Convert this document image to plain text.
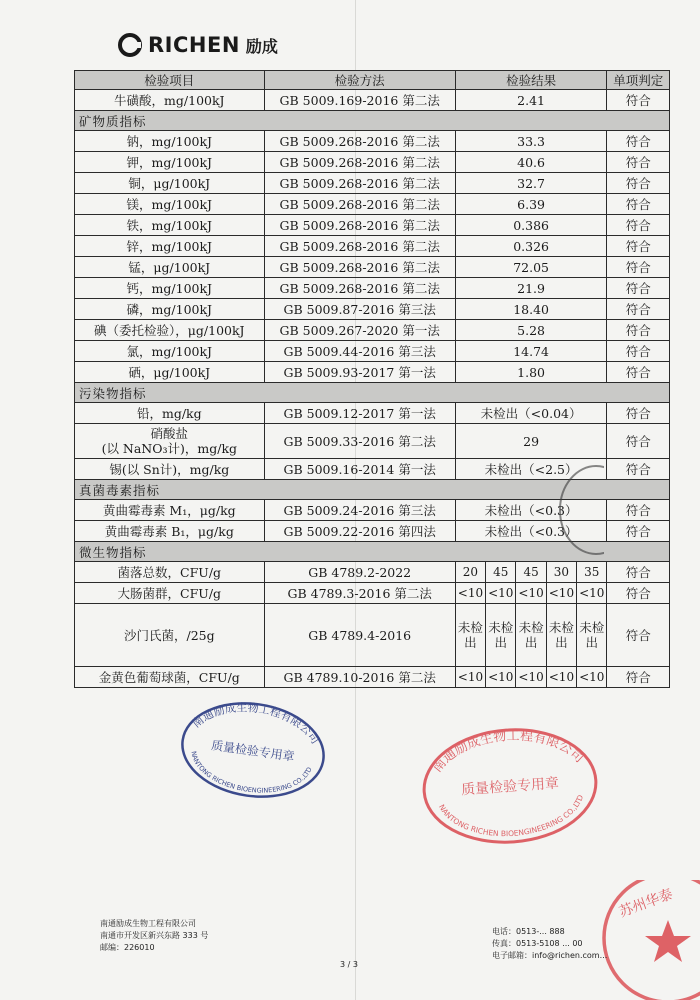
RICHEN 励成
检验项目	检验方法	检验结果					单项判定
牛磺酸，mg/100kJ	GB 5009.169-2016 第二法	2.41					符合
矿物质指标							
钠，mg/100kJ	GB 5009.268-2016 第二法	33.3					符合
钾，mg/100kJ	GB 5009.268-2016 第二法	40.6					符合
铜，μg/100kJ	GB 5009.268-2016 第二法	32.7					符合
镁，mg/100kJ	GB 5009.268-2016 第二法	6.39					符合
铁，mg/100kJ	GB 5009.268-2016 第二法	0.386					符合
锌，mg/100kJ	GB 5009.268-2016 第二法	0.326					符合
锰，μg/100kJ	GB 5009.268-2016 第二法	72.05					符合
钙，mg/100kJ	GB 5009.268-2016 第二法	21.9					符合
磷，mg/100kJ	GB 5009.87-2016 第三法	18.40					符合
碘（委托检验），μg/100kJ	GB 5009.267-2020 第一法	5.28					符合
氯，mg/100kJ	GB 5009.44-2016 第三法	14.74					符合
硒，μg/100kJ	GB 5009.93-2017 第一法	1.80					符合
污染物指标							
铅，mg/kg	GB 5009.12-2017 第一法	未检出（<0.04）					符合

硝酸盐
(以 NaNO₃计)，mg/kg	GB 5009.33-2016 第二法	29					符合
锡(以 Sn计)，mg/kg	GB 5009.16-2014 第一法	未检出（<2.5）					符合
真菌毒素指标							
黄曲霉毒素 M₁，μg/kg	GB 5009.24-2016 第三法	未检出（<0.3）					符合
黄曲霉毒素 B₁，μg/kg	GB 5009.22-2016 第四法	未检出（<0.3）					符合
微生物指标							
菌落总数，CFU/g	GB 4789.2-2022	20	45	45	30	35	符合
大肠菌群，CFU/g	GB 4789.3-2016 第二法	<10	<10	<10	<10	<10	符合
沙门氏菌，/25g	GB 4789.4-2016	未检出	未检出	未检出	未检出	未检出	符合
金黄色葡萄球菌，CFU/g	GB 4789.10-2016 第二法	<10	<10	<10	<10	<10	符合
南通励成生物工程有限公司
质量检验专用章
NANTONG RICHEN BIOENGINEERING CO.,LTD	南通励成生物工程有限公司
质量检验专用章
NANTONG RICHEN BIOENGINEERING CO.,LTD
苏州华泰
南通励成生物工程有限公司
南通市开发区新兴东路 333 号
邮编：226010
电话：0513-... 888
传真：0513-5108 ... 00
电子邮箱：info@richen.com...
3 / 3
